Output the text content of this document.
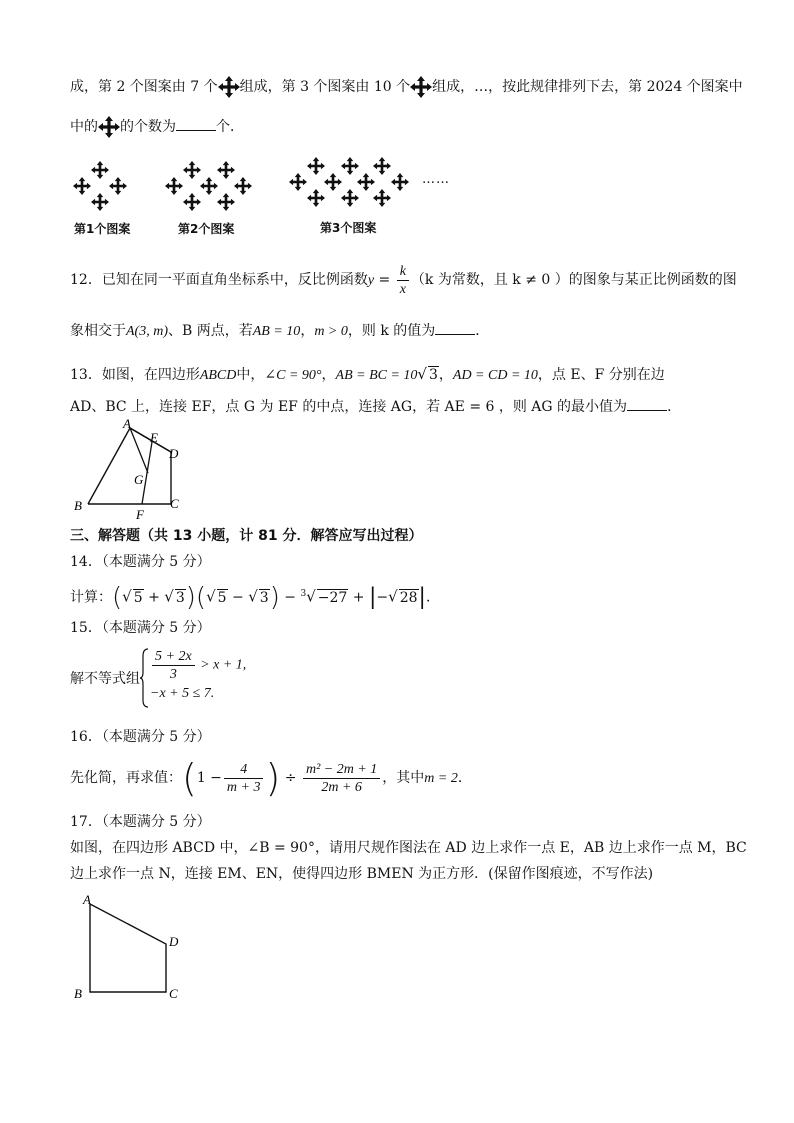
成，第 2 个图案由 7 个 组成，第 3 个图案由 10 个 组成，…，按此规律排列下去，第 2024 个图案中
中的 的个数为	个．
……
第1个图案	第2个图案	第3个图案
12．已知在同一平面直角坐标系中，反比例函数$y = \frac{k}{x} (k$ 为常数，且 k ≠ 0 ）的图象与某正比例函数的图
象相交于A(3, m)、B 两点，若AB = 10，m > 0，则 k 的值为	．
13．如图，在四边形ABCD中，∠C = 90°，AB = BC = 10√ 3，AD = CD = 10，点 E、F 分别在边
AD、BC 上，连接 EF，点 G 为 EF 的中点，连接 AG，若 AE = 6 ，则 AG 的最小值为	．
A
E
D
G
B	C
F
三、解答题（共 13 小题，计 81 分．解答应写出过程）
14．（本题满分 5 分）
计算：(√ 5 + √ 3)(√ 5 − √ 3) − $^3$√ −27 + |−√ 28|．
15．（本题满分 5 分）
解不等式组 $\frac{5 + 2x}{3} > x + 1$,
−x + 5 ≤ 7.
16．（本题满分 5 分）
先化简，再求值：($1 - \frac{4}{m + 3}$ ) ÷ $\frac{\text{m² − 2m + 1}}{2m + 6}$ ，其中m = 2．
17．（本题满分 5 分）
如图，在四边形 ABCD 中，∠B = 90°，请用尺规作图法在 AD 边上求作一点 E，AB 边上求作一点 M，BC
边上求作一点 N，连接 EM、EN，使得四边形 BMEN 为正方形．(保留作图痕迹，不写作法)
A
D
B	C
